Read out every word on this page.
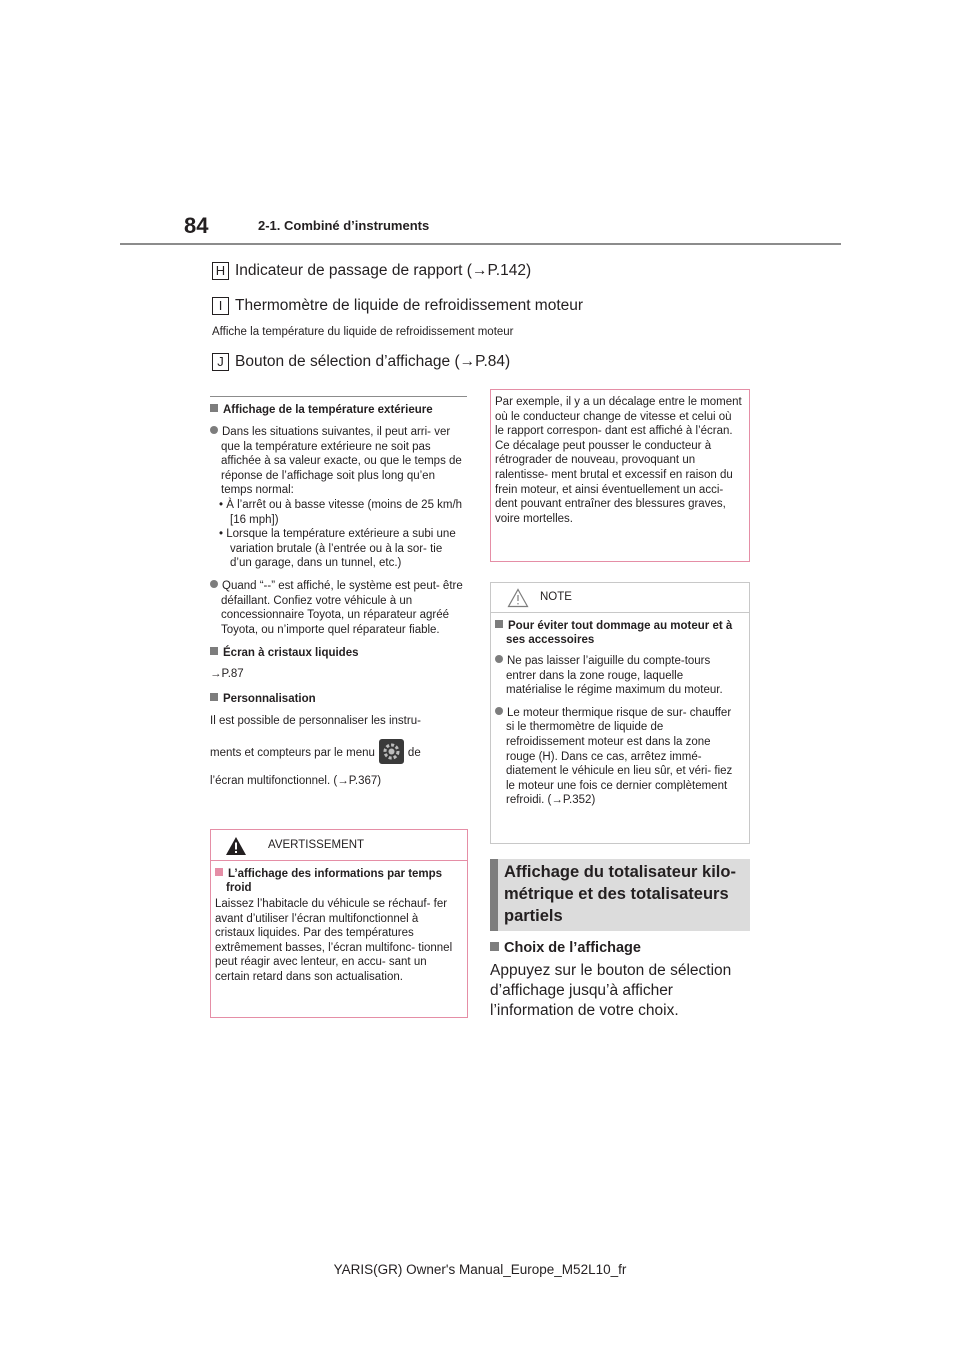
84	2-1. Combiné d’instruments
H Indicateur de passage de rapport (→P.142)
I Thermomètre de liquide de refroidissement moteur
Affiche la température du liquide de refroidissement moteur
J Bouton de sélection d’affichage (→P.84)
Affichage de la température extérieure
Dans les situations suivantes, il peut arri- ver que la température extérieure ne soit pas affichée à sa valeur exacte, ou que le temps de réponse de l’affichage soit plus long qu’en temps normal:
• À l’arrêt ou à basse vitesse (moins de 25 km/h [16 mph])
• Lorsque la température extérieure a subi une variation brutale (à l’entrée ou à la sor- tie d’un garage, dans un tunnel, etc.)
Quand “--” est affiché, le système est peut- être défaillant. Confiez votre véhicule à un concessionnaire Toyota, un réparateur agréé Toyota, ou n’importe quel réparateur fiable.
Écran à cristaux liquides
→P.87
Personnalisation
Il est possible de personnaliser les instru-
ments et compteurs par le menu	de
l’écran multifonctionnel. (→P.367)
AVERTISSEMENT
L’affichage des informations par temps froid
Laissez l’habitacle du véhicule se réchauf- fer avant d’utiliser l’écran multifonctionnel à cristaux liquides. Par des températures extrêmement basses, l’écran multifonc- tionnel peut réagir avec lenteur, en accu- sant un certain retard dans son actualisation.
Par exemple, il y a un décalage entre le moment où le conducteur change de vitesse et celui où le rapport correspon- dant est affiché à l’écran. Ce décalage peut pousser le conducteur à rétrograder de nouveau, provoquant un ralentisse- ment brutal et excessif en raison du frein moteur, et ainsi éventuellement un acci- dent pouvant entraîner des blessures graves, voire mortelles.
NOTE
Pour éviter tout dommage au moteur et à ses accessoires
Ne pas laisser l’aiguille du compte-tours entrer dans la zone rouge, laquelle matérialise le régime maximum du moteur.
Le moteur thermique risque de sur- chauffer si le thermomètre de liquide de refroidissement moteur est dans la zone rouge (H). Dans ce cas, arrêtez immé- diatement le véhicule en lieu sûr, et véri- fiez le moteur une fois ce dernier complètement refroidi. (→P.352)
Affichage du totalisateur kilo- métrique et des totalisateurs partiels
Choix de l’affichage
Appuyez sur le bouton de sélection d’affichage jusqu’à afficher l’information de votre choix.
YARIS(GR) Owner's Manual_Europe_M52L10_fr
